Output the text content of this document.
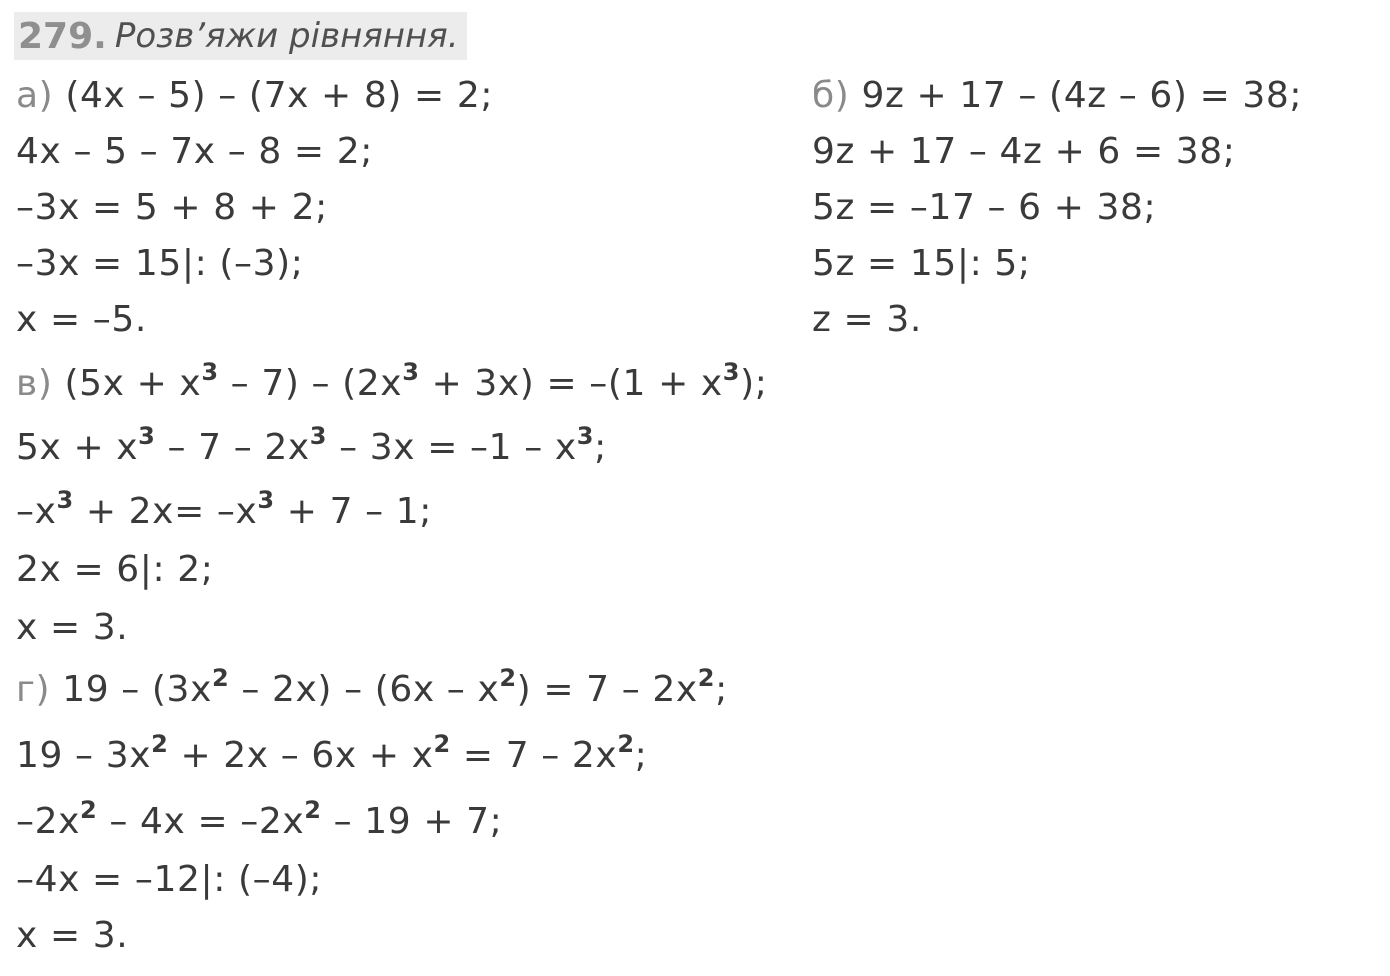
279. Розв’яжи рівняння.
а) (4x – 5) – (7x + 8) = 2;
4x – 5 – 7x – 8 = 2;
–3x = 5 + 8 + 2;
–3x = 15|: (–3);
x = –5.
б) 9z + 17 – (4z – 6) = 38;
9z + 17 – 4z + 6 = 38;
5z = –17 – 6 + 38;
5z = 15|: 5;
z = 3.
в) $(5x + x^3 - 7) - (2x^3 + 3x) = -(1 + x^3)$;
$5x + x^3 - 7 - 2x^3 - 3x = -1 - x^3$;
$-x^3 + 2x= -x^3 + 7 - 1$;
2x = 6|: 2;
x = 3.
г) $19 - (3x^2 - 2x) - (6x - x^2) = 7 - 2x^2$;
$19 - 3x^2 + 2x - 6x + x^2 = 7 - 2x^2$;
$-2x^2 - 4x = -2x^2 - 19 + 7$;
–4x = –12|: (–4);
x = 3.
